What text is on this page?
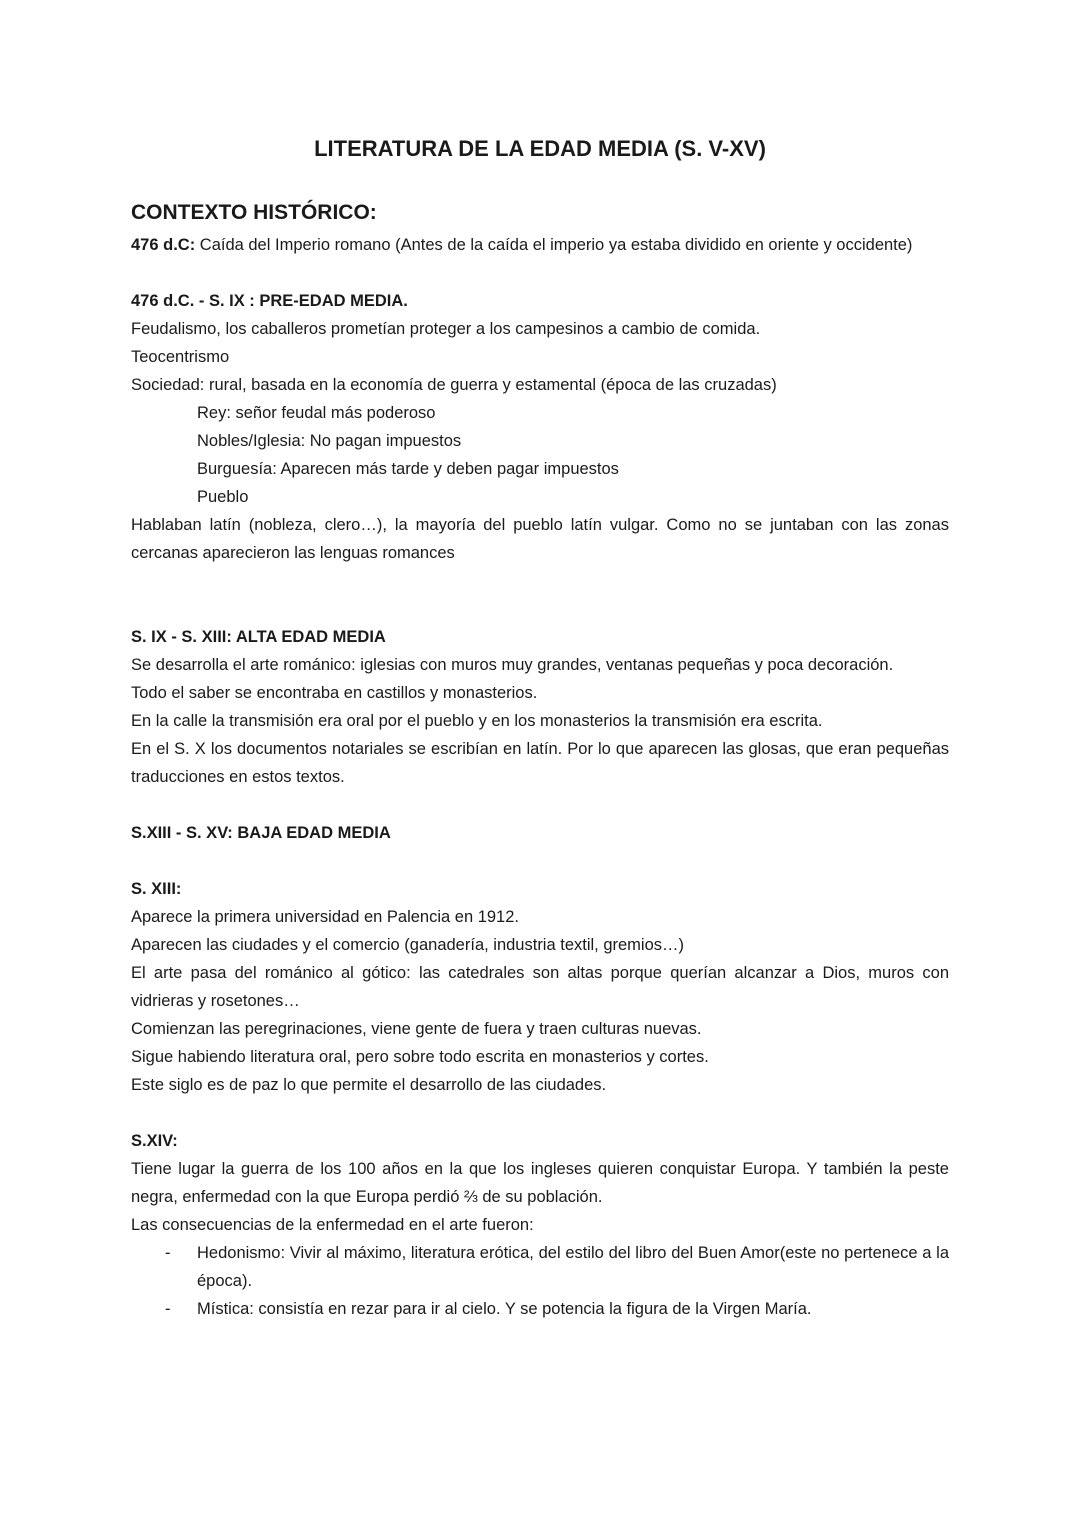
LITERATURA DE LA EDAD MEDIA (S. V-XV)
CONTEXTO HISTÓRICO:

476 d.C: Caída del Imperio romano (Antes de la caída el imperio ya estaba dividido en oriente y occidente)

476 d.C. - S. IX : PRE-EDAD MEDIA.

Feudalismo, los caballeros prometían proteger a los campesinos a cambio de comida.

Teocentrismo

Sociedad: rural, basada en la economía de guerra y estamental (época de las cruzadas)

Rey: señor feudal más poderoso

Nobles/Iglesia: No pagan impuestos

Burguesía: Aparecen más tarde y deben pagar impuestos

Pueblo

Hablaban latín (nobleza, clero…), la mayoría del pueblo latín vulgar. Como no se juntaban con las zonas cercanas aparecieron las lenguas romances

S. IX - S. XIII: ALTA EDAD MEDIA

Se desarrolla el arte románico: iglesias con muros muy grandes, ventanas pequeñas y poca decoración.

Todo el saber se encontraba en castillos y monasterios.

En la calle la transmisión era oral por el pueblo y en los monasterios la transmisión era escrita.

En el S. X los documentos notariales se escribían en latín. Por lo que aparecen las glosas, que eran pequeñas traducciones en estos textos.

S.XIII - S. XV: BAJA EDAD MEDIA

S. XIII:

Aparece la primera universidad en Palencia en 1912.

Aparecen las ciudades y el comercio (ganadería, industria textil, gremios…)

El arte pasa del románico al gótico: las catedrales son altas porque querían alcanzar a Dios, muros con vidrieras y rosetones…

Comienzan las peregrinaciones, viene gente de fuera y traen culturas nuevas.

Sigue habiendo literatura oral, pero sobre todo escrita en monasterios y cortes.

Este siglo es de paz lo que permite el desarrollo de las ciudades.

S.XIV:

Tiene lugar la guerra de los 100 años en la que los ingleses quieren conquistar Europa. Y también la peste negra, enfermedad con la que Europa perdió ⅔ de su población.

Las consecuencias de la enfermedad en el arte fueron:

- Hedonismo: Vivir al máximo, literatura erótica, del estilo del libro del Buen Amor(este no pertenece a la época).
- Mística: consistía en rezar para ir al cielo. Y se potencia la figura de la Virgen María.
